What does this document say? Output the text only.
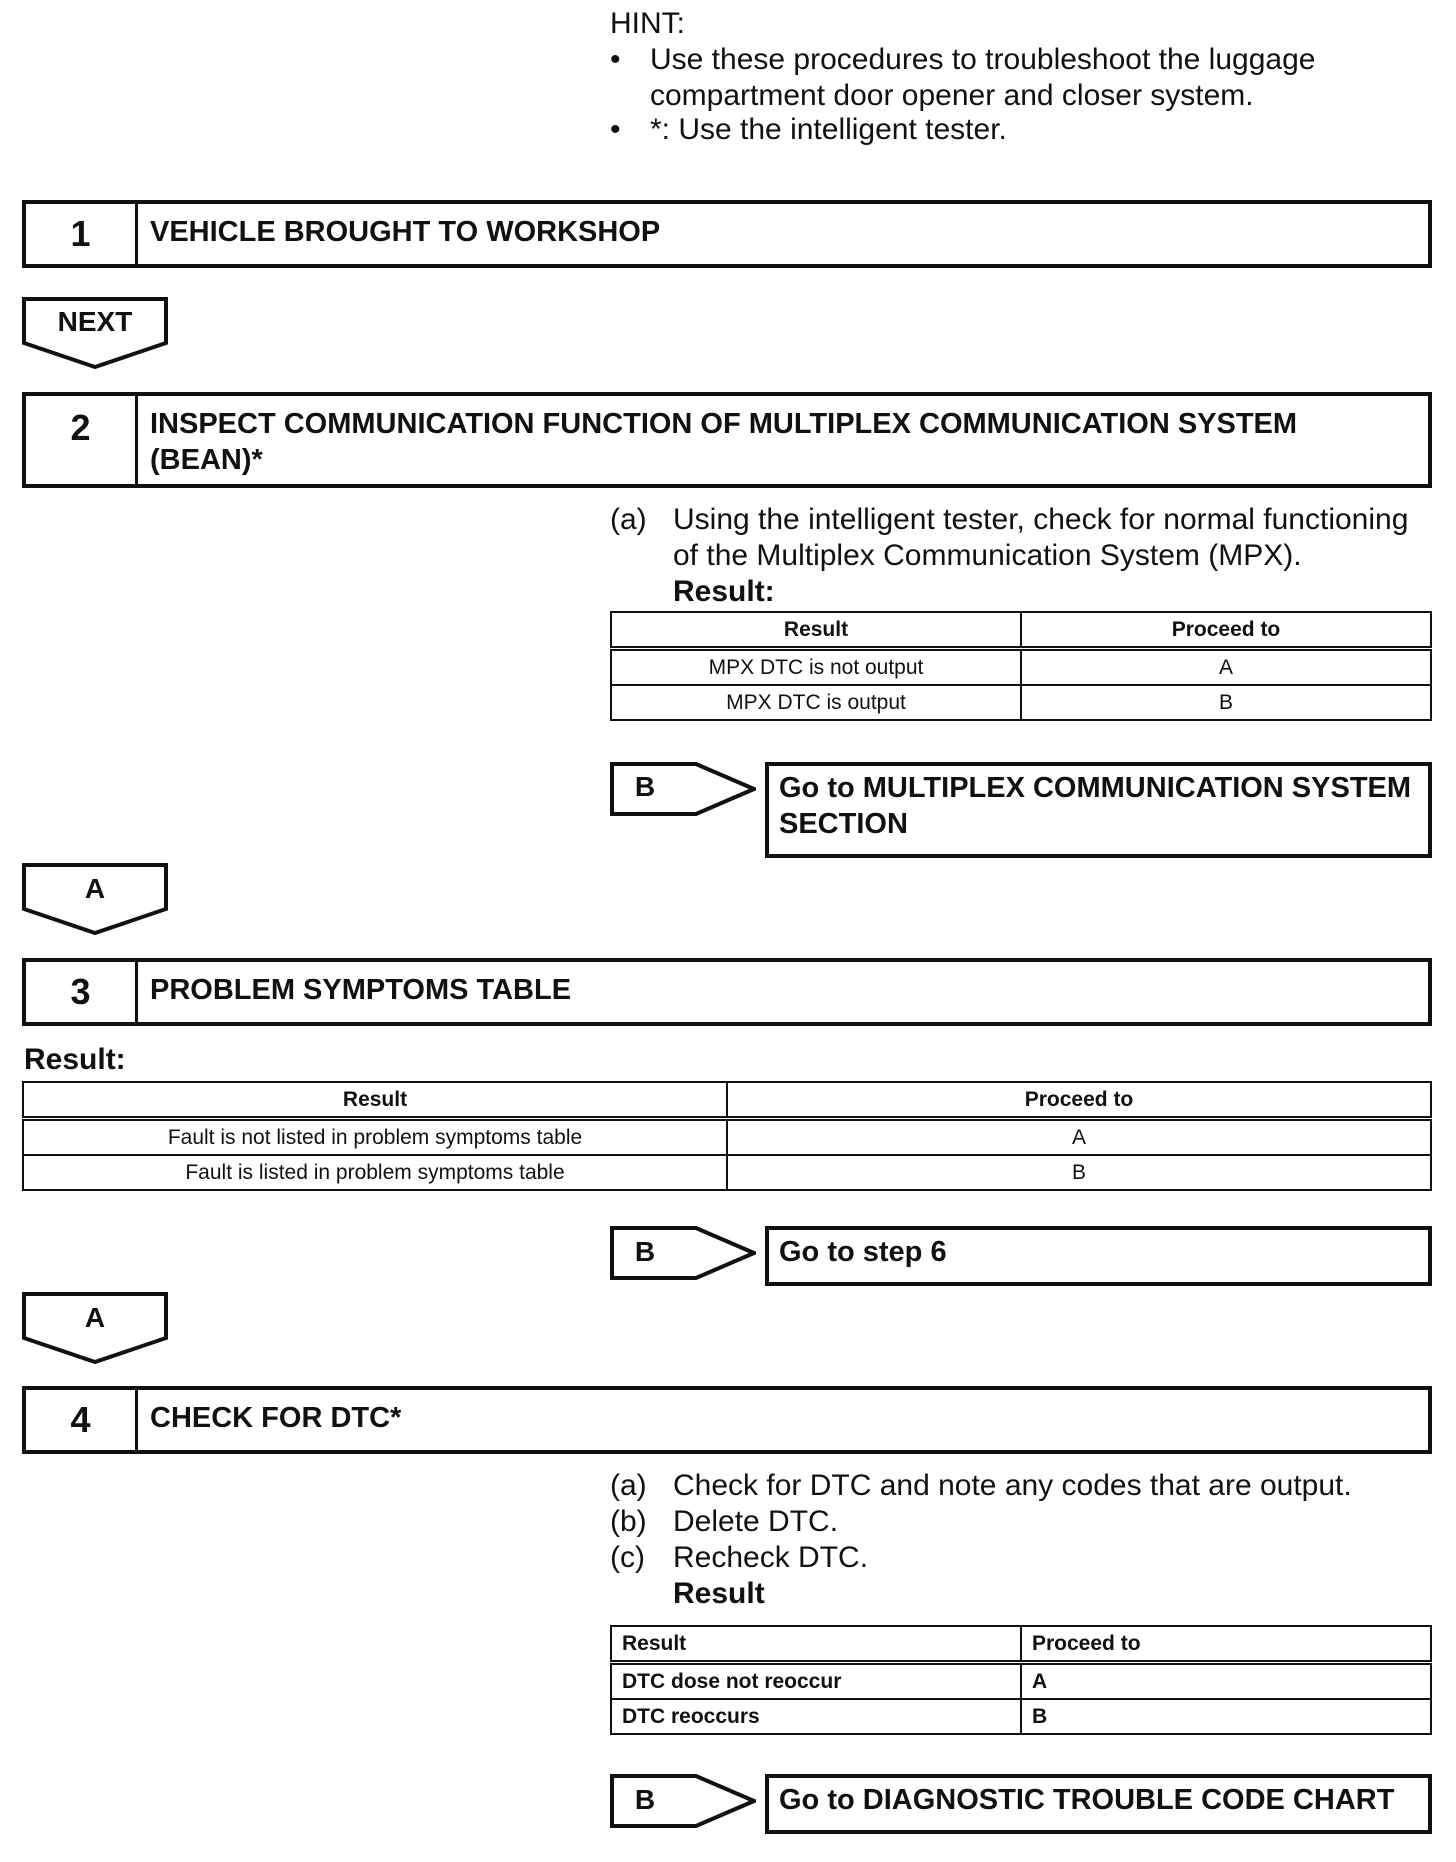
HINT:
• Use these procedures to troubleshoot the luggage compartment door opener and closer system.
• *: Use the intelligent tester.
1	VEHICLE BROUGHT TO WORKSHOP
NEXT
2	INSPECT COMMUNICATION FUNCTION OF MULTIPLEX COMMUNICATION SYSTEM (BEAN)*
(a) Using the intelligent tester, check for normal functioning of the Multiplex Communication System (MPX).
Result:
Result	Proceed to
MPX DTC is not output	A
MPX DTC is output	B
B	Go to MULTIPLEX COMMUNICATION SYSTEM SECTION
A
3	PROBLEM SYMPTOMS TABLE
Result:
Result	Proceed to
Fault is not listed in problem symptoms table	A
Fault is listed in problem symptoms table	B
B	Go to step 6
A
4	CHECK FOR DTC*
(a) Check for DTC and note any codes that are output.
(b) Delete DTC.
(c) Recheck DTC.
Result
Result	Proceed to
DTC dose not reoccur	A
DTC reoccurs	B
B	Go to DIAGNOSTIC TROUBLE CODE CHART
